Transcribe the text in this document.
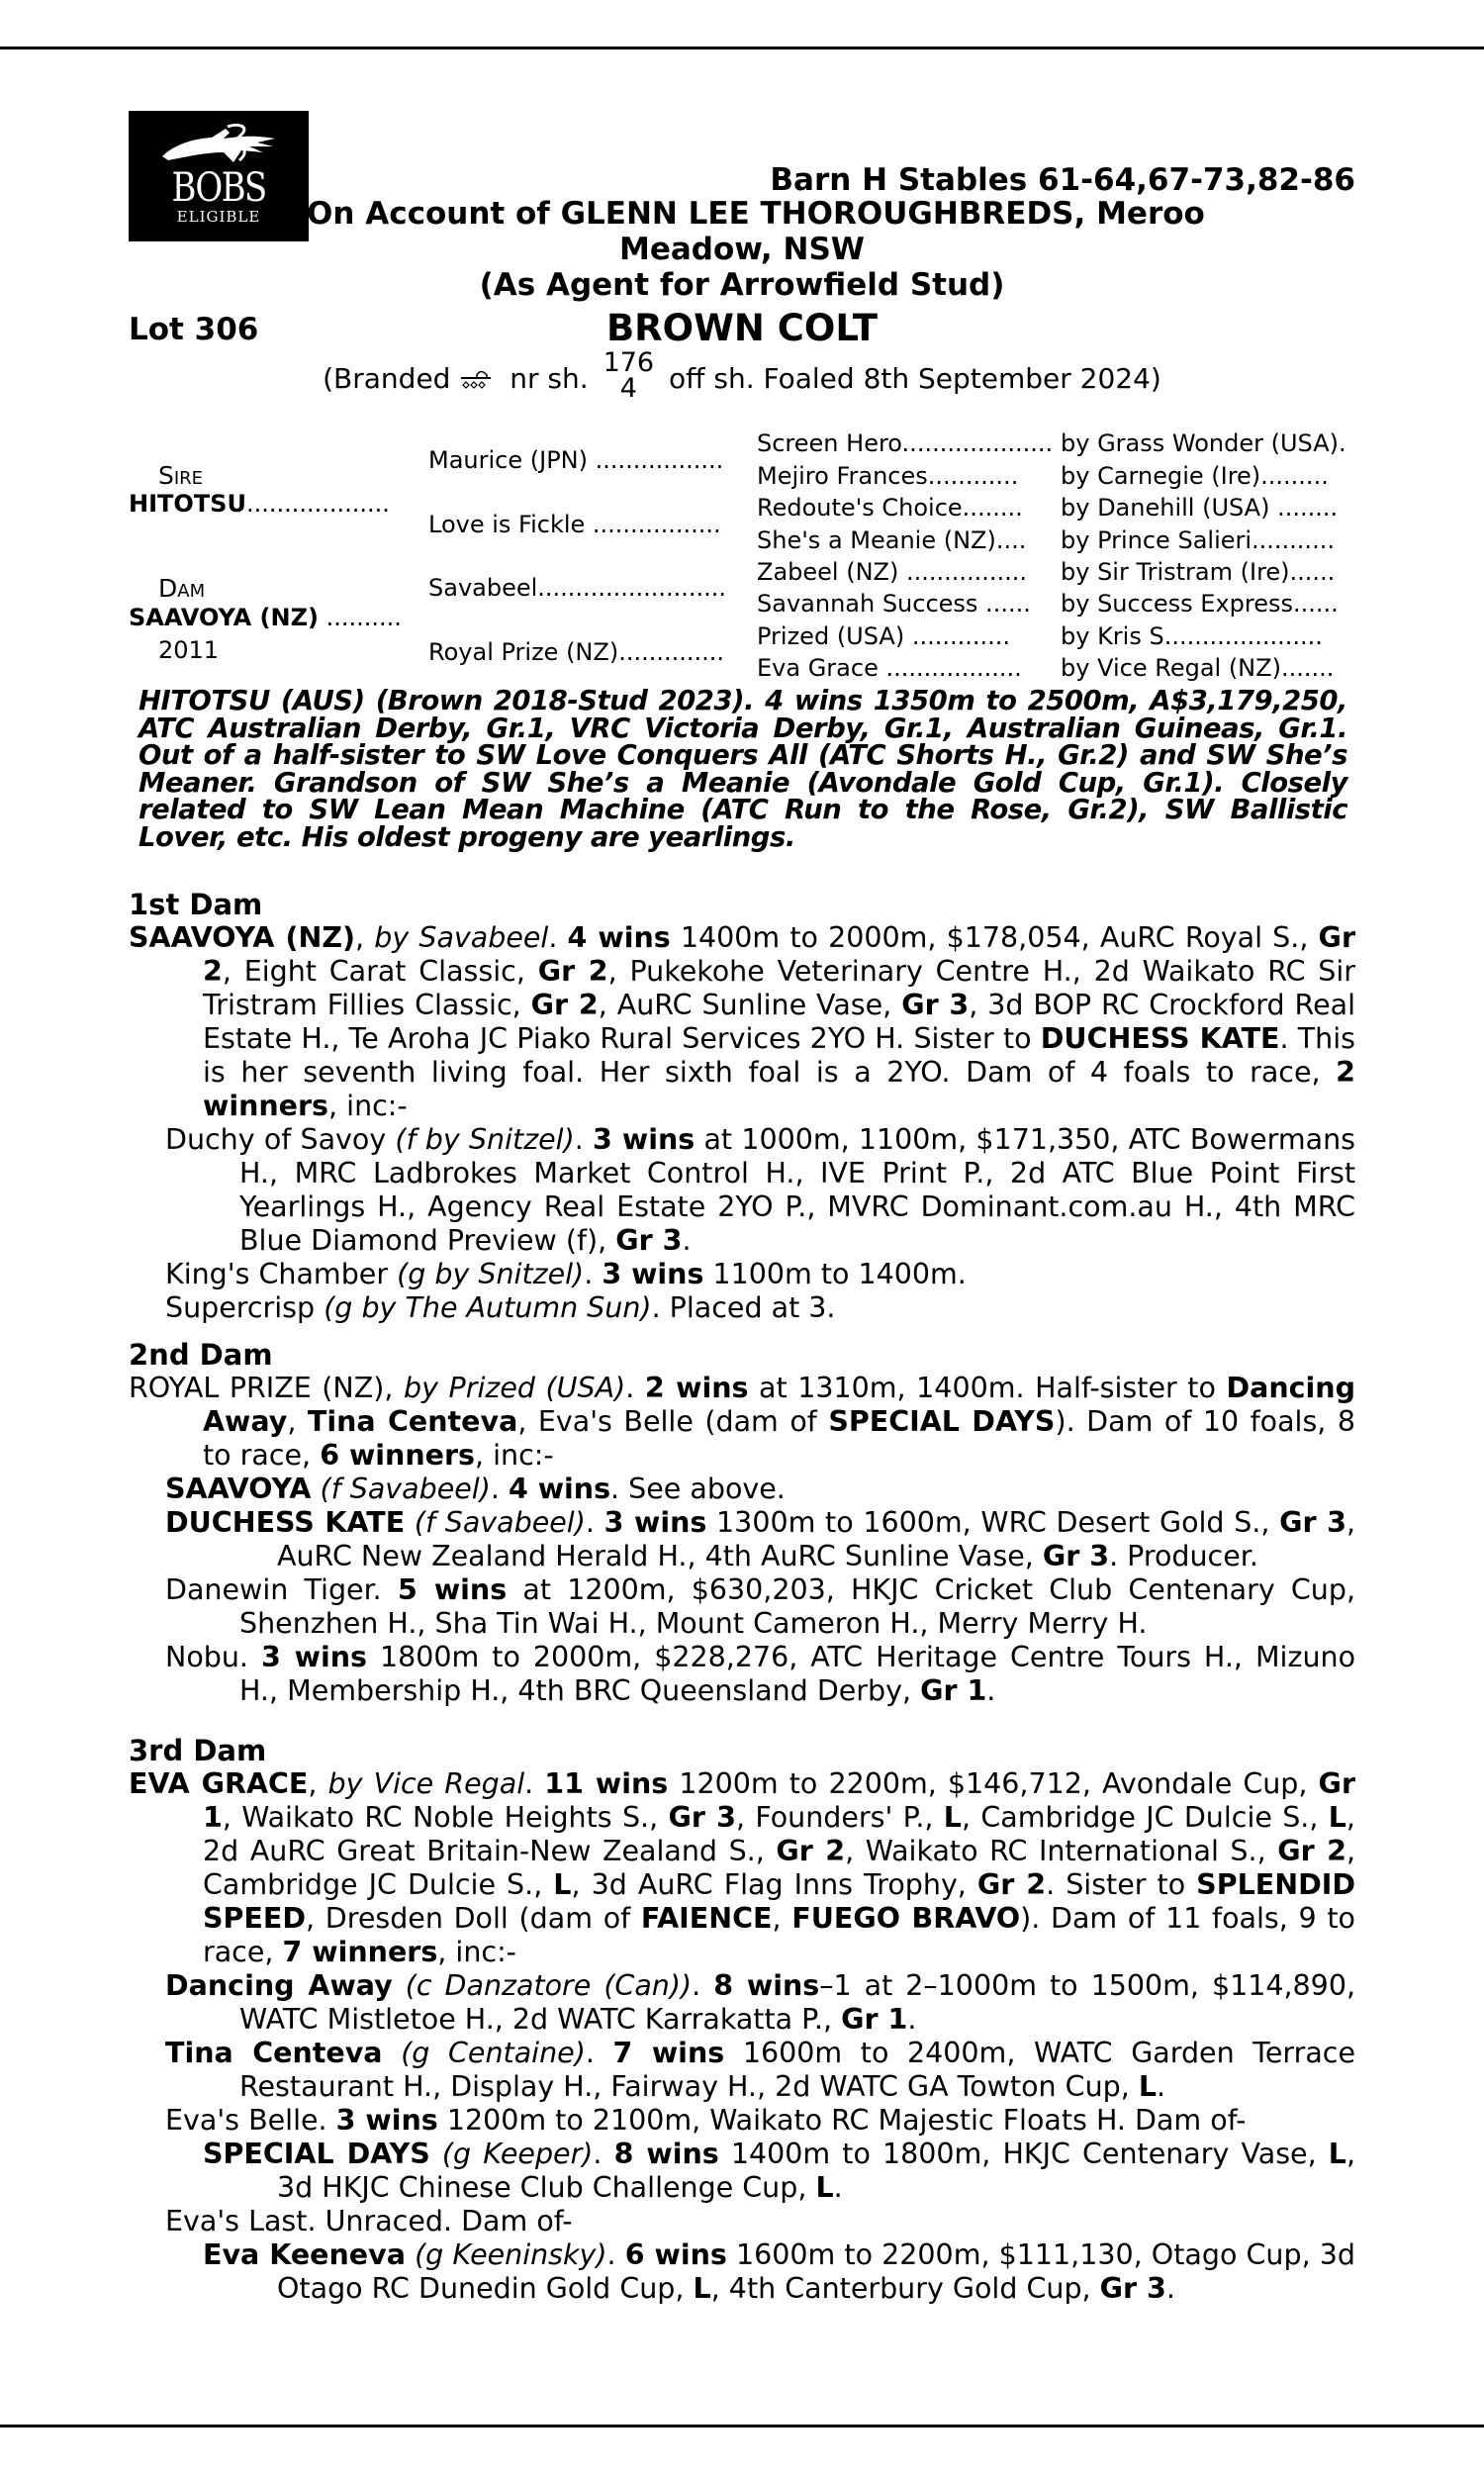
BOBS
ELIGIBLE
Barn H Stables 61-64,67-73,82-86
On Account of GLENN LEE THOROUGHBREDS, Meroo
Meadow, NSW
(As Agent for Arrowfield Stud)
Lot 306	BROWN COLT
(Branded nr sh. 176
4	off sh. Foaled 8th September 2024)
Sire
HITOTSU...................
Dam
SAAVOYA (NZ) ..........
2011
Maurice (JPN) .................
Love is Fickle .................
Savabeel.........................
Royal Prize (NZ)..............
Screen Hero....................
Mejiro Frances............
Redoute's Choice........
She's a Meanie (NZ)....
Zabeel (NZ) ................
Savannah Success ......
Prized (USA) .............
Eva Grace ..................
by Grass Wonder (USA).
by Carnegie (Ire).........
by Danehill (USA) ........
by Prince Salieri...........
by Sir Tristram (Ire)......
by Success Express......
by Kris S.....................
by Vice Regal (NZ).......
HITOTSU (AUS) (Brown 2018-Stud 2023). 4 wins 1350m to 2500m, A$3,179,250, ATC Australian Derby, Gr.1, VRC Victoria Derby, Gr.1, Australian Guineas, Gr.1. Out of a half-sister to SW Love Conquers All (ATC Shorts H., Gr.2) and SW She’s Meaner. Grandson of SW She’s a Meanie (Avondale Gold Cup, Gr.1). Closely related to SW Lean Mean Machine (ATC Run to the Rose, Gr.2), SW Ballistic Lover, etc. His oldest progeny are yearlings.
1st Dam
SAAVOYA (NZ), by Savabeel. 4 wins 1400m to 2000m, $178,054, AuRC Royal S., Gr 2, Eight Carat Classic, Gr 2, Pukekohe Veterinary Centre H., 2d Waikato RC Sir Tristram Fillies Classic, Gr 2, AuRC Sunline Vase, Gr 3, 3d BOP RC Crockford Real Estate H., Te Aroha JC Piako Rural Services 2YO H. Sister to DUCHESS KATE. This is her seventh living foal. Her sixth foal is a 2YO. Dam of 4 foals to race, 2 winners, inc:-
Duchy of Savoy (f by Snitzel). 3 wins at 1000m, 1100m, $171,350, ATC Bowermans H., MRC Ladbrokes Market Control H., IVE Print P., 2d ATC Blue Point First Yearlings H., Agency Real Estate 2YO P., MVRC Dominant.com.au H., 4th MRC Blue Diamond Preview (f), Gr 3.
King's Chamber (g by Snitzel). 3 wins 1100m to 1400m.
Supercrisp (g by The Autumn Sun). Placed at 3.
2nd Dam
ROYAL PRIZE (NZ), by Prized (USA). 2 wins at 1310m, 1400m. Half-sister to Dancing Away, Tina Centeva, Eva's Belle (dam of SPECIAL DAYS). Dam of 10 foals, 8 to race, 6 winners, inc:-
SAAVOYA (f Savabeel). 4 wins. See above.
DUCHESS KATE (f Savabeel). 3 wins 1300m to 1600m, WRC Desert Gold S., Gr 3, AuRC New Zealand Herald H., 4th AuRC Sunline Vase, Gr 3. Producer.
Danewin Tiger. 5 wins at 1200m, $630,203, HKJC Cricket Club Centenary Cup, Shenzhen H., Sha Tin Wai H., Mount Cameron H., Merry Merry H.
Nobu. 3 wins 1800m to 2000m, $228,276, ATC Heritage Centre Tours H., Mizuno H., Membership H., 4th BRC Queensland Derby, Gr 1.
3rd Dam
EVA GRACE, by Vice Regal. 11 wins 1200m to 2200m, $146,712, Avondale Cup, Gr 1, Waikato RC Noble Heights S., Gr 3, Founders' P., L, Cambridge JC Dulcie S., L, 2d AuRC Great Britain-New Zealand S., Gr 2, Waikato RC International S., Gr 2, Cambridge JC Dulcie S., L, 3d AuRC Flag Inns Trophy, Gr 2. Sister to SPLENDID SPEED, Dresden Doll (dam of FAIENCE, FUEGO BRAVO). Dam of 11 foals, 9 to race, 7 winners, inc:-
Dancing Away (c Danzatore (Can)). 8 wins–1 at 2–1000m to 1500m, $114,890, WATC Mistletoe H., 2d WATC Karrakatta P., Gr 1.
Tina Centeva (g Centaine). 7 wins 1600m to 2400m, WATC Garden Terrace Restaurant H., Display H., Fairway H., 2d WATC GA Towton Cup, L.
Eva's Belle. 3 wins 1200m to 2100m, Waikato RC Majestic Floats H. Dam of-
SPECIAL DAYS (g Keeper). 8 wins 1400m to 1800m, HKJC Centenary Vase, L, 3d HKJC Chinese Club Challenge Cup, L.
Eva's Last. Unraced. Dam of-
Eva Keeneva (g Keeninsky). 6 wins 1600m to 2200m, $111,130, Otago Cup, 3d Otago RC Dunedin Gold Cup, L, 4th Canterbury Gold Cup, Gr 3.
